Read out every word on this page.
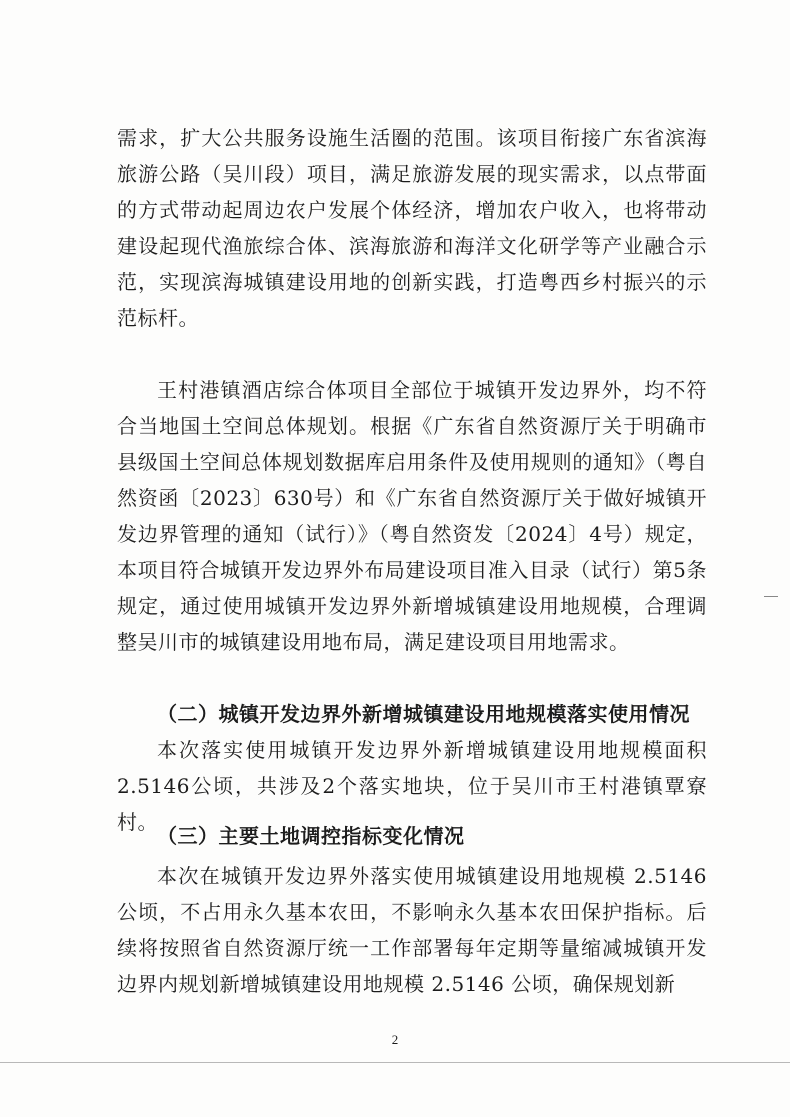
需求，扩大公共服务设施生活圈的范围。该项目衔接广东省滨海旅游公路（吴川段）项目，满足旅游发展的现实需求，以点带面的方式带动起周边农户发展个体经济，增加农户收入，也将带动建设起现代渔旅综合体、滨海旅游和海洋文化研学等产业融合示范，实现滨海城镇建设用地的创新实践，打造粤西乡村振兴的示范标杆。

王村港镇酒店综合体项目全部位于城镇开发边界外，均不符合当地国土空间总体规划。根据《广东省自然资源厅关于明确市县级国土空间总体规划数据库启用条件及使用规则的通知》（粤自然资函〔2023〕630号）和《广东省自然资源厅关于做好城镇开发边界管理的通知（试行）》（粤自然资发〔2024〕4号）规定，本项目符合城镇开发边界外布局建设项目准入目录（试行）第5条规定，通过使用城镇开发边界外新增城镇建设用地规模，合理调整吴川市的城镇建设用地布局，满足建设项目用地需求。

（二）城镇开发边界外新增城镇建设用地规模落实使用情况

本次落实使用城镇开发边界外新增城镇建设用地规模面积2.5146公顷，共涉及2个落实地块，位于吴川市王村港镇覃寮村。

（三）主要土地调控指标变化情况

本次在城镇开发边界外落实使用城镇建设用地规模 2.5146公顷，不占用永久基本农田，不影响永久基本农田保护指标。后续将按照省自然资源厅统一工作部署每年定期等量缩减城镇开发边界内规划新增城镇建设用地规模 2.5146 公顷，确保规划新

2
